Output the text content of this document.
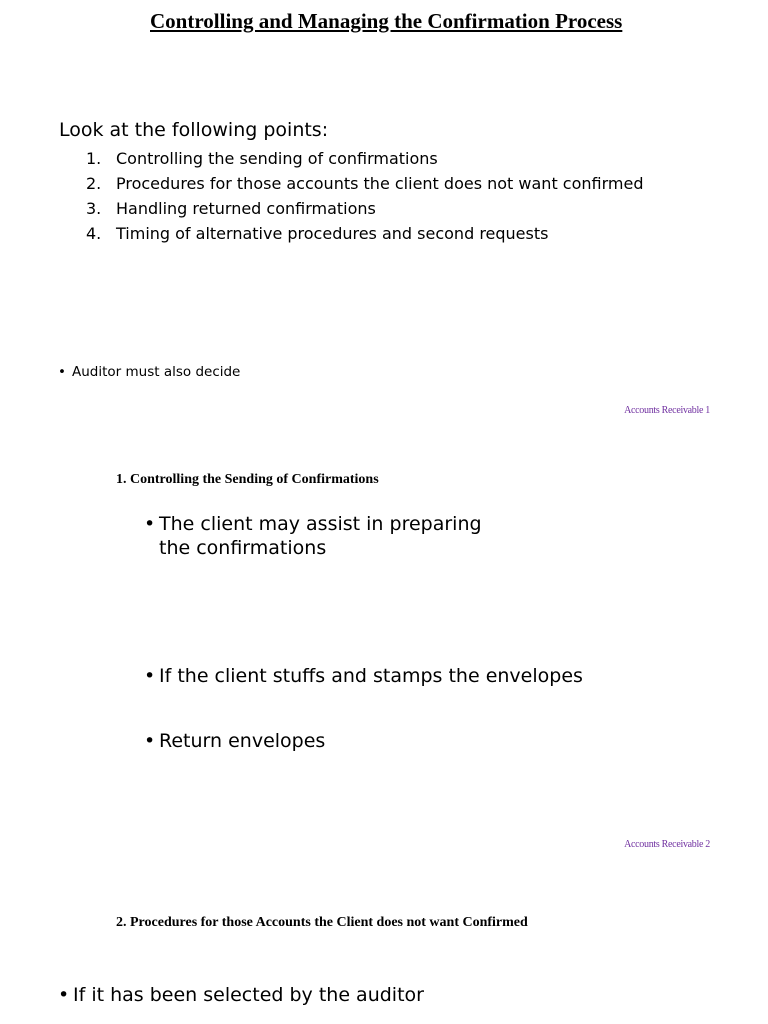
Controlling and Managing the Confirmation Process
Look at the following points:
1. Controlling the sending of confirmations
2. Procedures for those accounts the client does not want confirmed
3. Handling returned confirmations
4. Timing of alternative procedures and second requests
• Auditor must also decide
Accounts Receivable 1
1. Controlling the Sending of Confirmations
• The client may assist in preparing the confirmations
• If the client stuffs and stamps the envelopes
• Return envelopes
Accounts Receivable 2
2. Procedures for those Accounts the Client does not want Confirmed
• If it has been selected by the auditor
